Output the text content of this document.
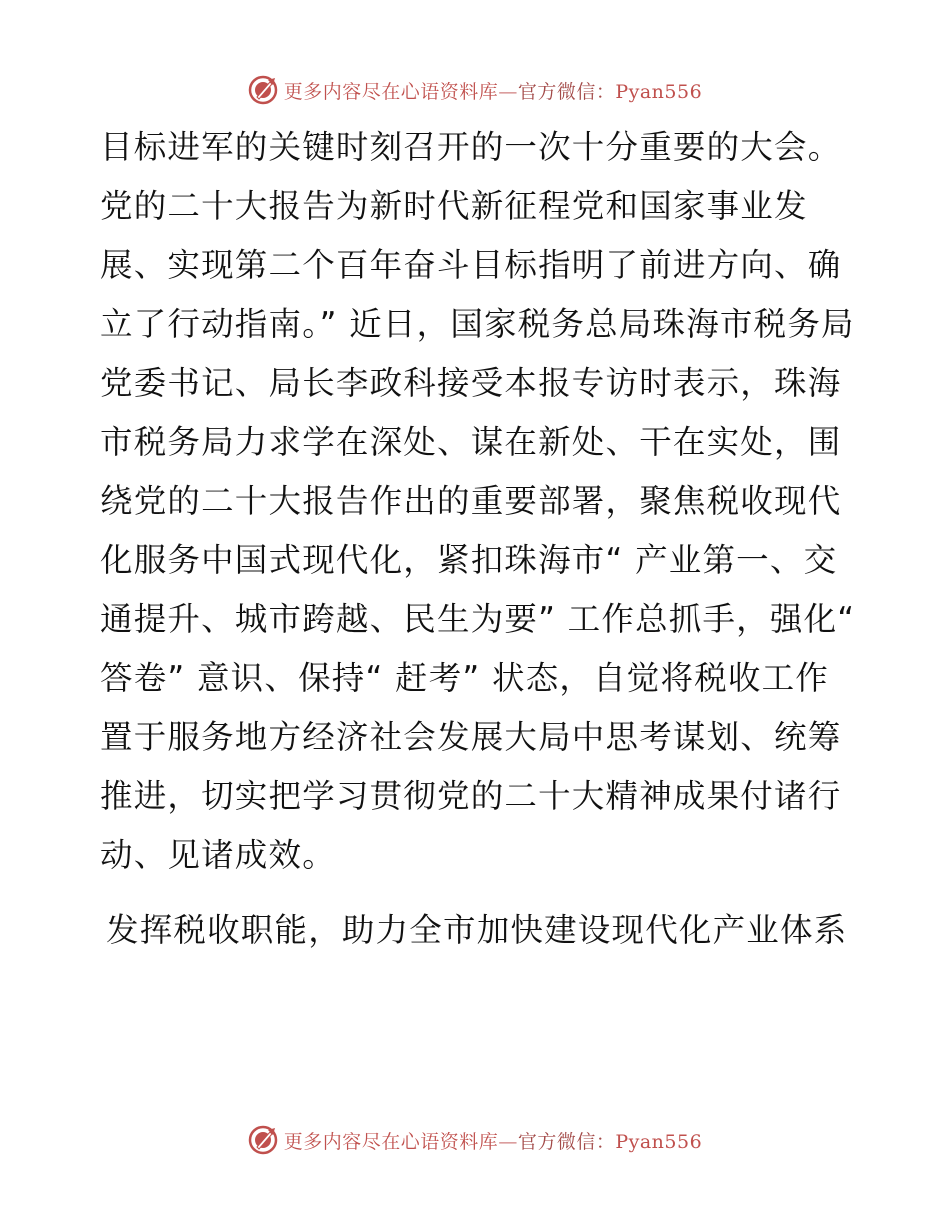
更多内容尽在心语资料库—官方微信：Pyan556

目标进军的关键时刻召开的一次十分重要的大会。党的二十大报告为新时代新征程党和国家事业发展、实现第二个百年奋斗目标指明了前进方向、确立了行动指南。” 近日，国家税务总局珠海市税务局党委书记、局长李政科接受本报专访时表示，珠海市税务局力求学在深处、谋在新处、干在实处，围绕党的二十大报告作出的重要部署，聚焦税收现代化服务中国式现代化，紧扣珠海市“ 产业第一、交通提升、城市跨越、民生为要” 工作总抓手，强化“ 答卷” 意识、保持“ 赶考” 状态，自觉将税收工作置于服务地方经济社会发展大局中思考谋划、统筹推进，切实把学习贯彻党的二十大精神成果付诸行动、见诸成效。

发挥税收职能，助力全市加快建设现代化产业体系

更多内容尽在心语资料库—官方微信：Pyan556
